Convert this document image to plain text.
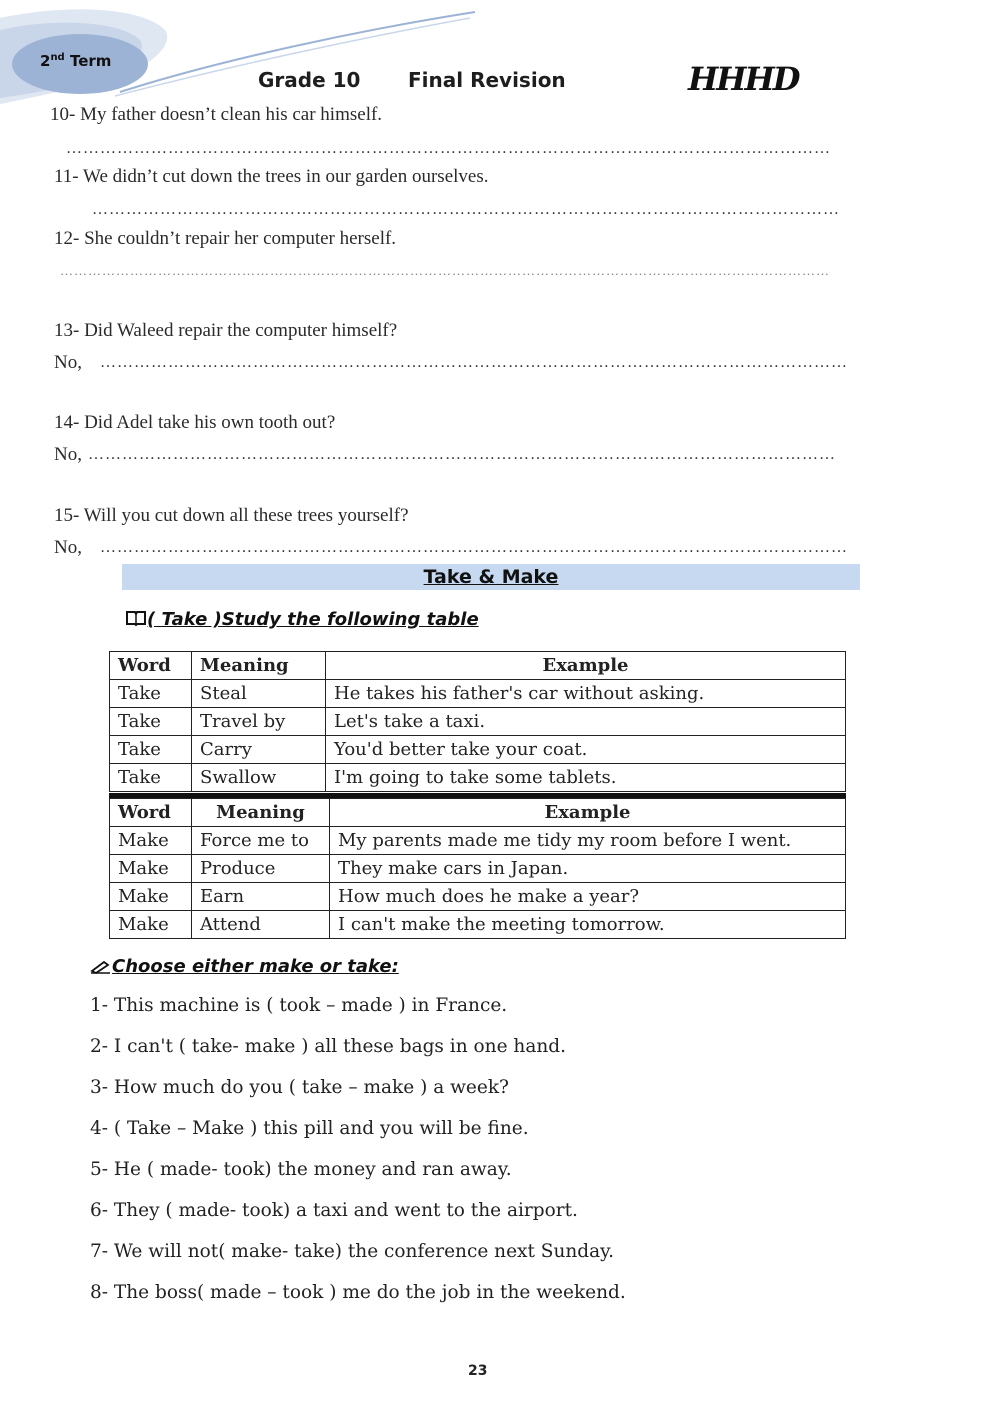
2nd Term
Grade 10 Final Revision	HHHD
10- My father doesn’t clean his car himself.
………………………………………………………………………………………………………………………
11- We didn’t cut down the trees in our garden ourselves.
……………………………………………………………………………………………………………………
12- She couldn’t repair her computer herself.
…………………………………………………………………………………………………………………………………………………
13- Did Waleed repair the computer himself?
No, ……………………………………………………………………………………………………………………
14- Did Adel take his own tooth out?
No, ……………………………………………………………………………………………………………………
15- Will you cut down all these trees yourself?
No, ……………………………………………………………………………………………………………………
Take & Make
( Take )Study the following table
Word	Meaning	Example
Take	Steal	He takes his father's car without asking.
Take	Travel by	Let's take a taxi.
Take	Carry	You'd better take your coat.
Take	Swallow	I'm going to take some tablets.
Word	Meaning	Example
Make	Force me to	My parents made me tidy my room before I went.
Make	Produce	They make cars in Japan.
Make	Earn	How much does he make a year?
Make	Attend	I can't make the meeting tomorrow.
Choose either make or take:
1- This machine is ( took – made ) in France.
2- I can't ( take- make ) all these bags in one hand.
3- How much do you ( take – make ) a week?
4- ( Take – Make ) this pill and you will be fine.
5- He ( made- took) the money and ran away.
6- They ( made- took) a taxi and went to the airport.
7- We will not( make- take) the conference next Sunday.
8- The boss( made – took ) me do the job in the weekend.
23
